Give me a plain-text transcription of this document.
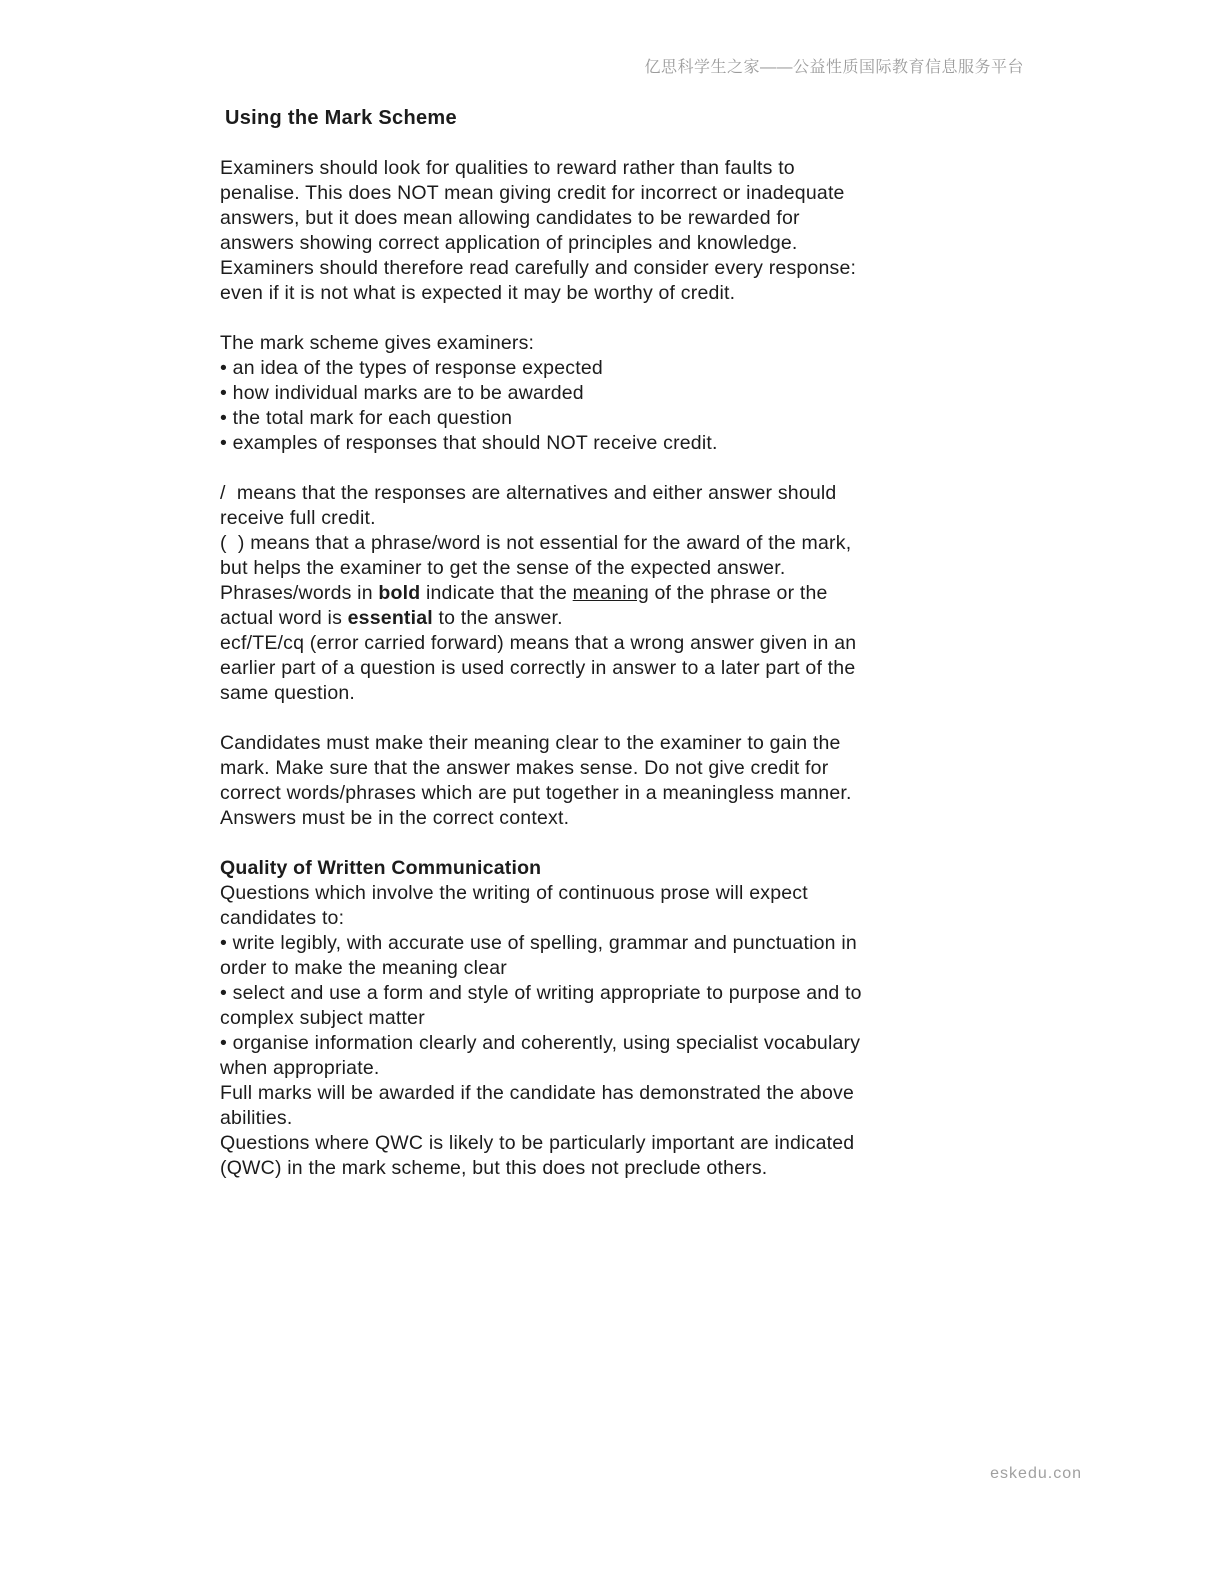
亿思科学生之家——公益性质国际教育信息服务平台
Using the Mark Scheme
Examiners should look for qualities to reward rather than faults to
penalise. This does NOT mean giving credit for incorrect or inadequate
answers, but it does mean allowing candidates to be rewarded for
answers showing correct application of principles and knowledge.
Examiners should therefore read carefully and consider every response:
even if it is not what is expected it may be worthy of credit.
The mark scheme gives examiners:
• an idea of the types of response expected
• how individual marks are to be awarded
• the total mark for each question
• examples of responses that should NOT receive credit.
/  means that the responses are alternatives and either answer should
receive full credit.
(  ) means that a phrase/word is not essential for the award of the mark,
but helps the examiner to get the sense of the expected answer.
Phrases/words in bold indicate that the meaning of the phrase or the
actual word is essential to the answer.
ecf/TE/cq (error carried forward) means that a wrong answer given in an
earlier part of a question is used correctly in answer to a later part of the
same question.
Candidates must make their meaning clear to the examiner to gain the
mark. Make sure that the answer makes sense. Do not give credit for
correct words/phrases which are put together in a meaningless manner.
Answers must be in the correct context.
Quality of Written Communication
Questions which involve the writing of continuous prose will expect
candidates to:
• write legibly, with accurate use of spelling, grammar and punctuation in
order to make the meaning clear
• select and use a form and style of writing appropriate to purpose and to
complex subject matter
• organise information clearly and coherently, using specialist vocabulary
when appropriate.
Full marks will be awarded if the candidate has demonstrated the above
abilities.
Questions where QWC is likely to be particularly important are indicated
(QWC) in the mark scheme, but this does not preclude others.
eskedu.con
